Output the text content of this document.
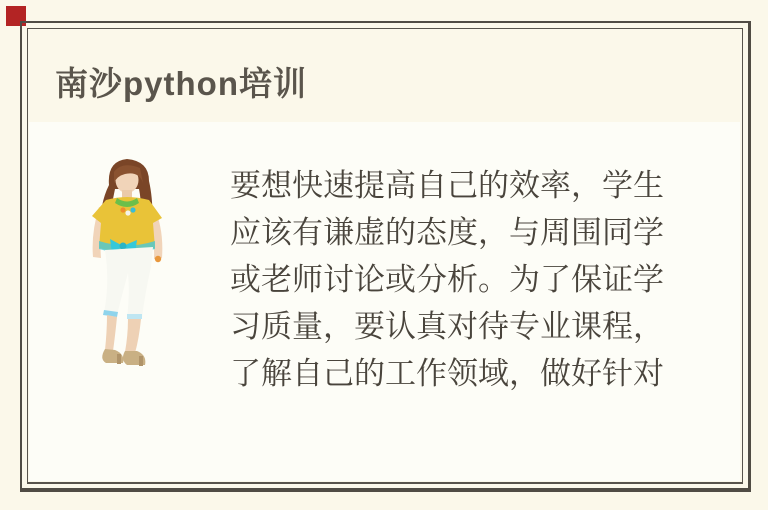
南沙python培训
要想快速提高自己的效率，学生
应该有谦虚的态度，与周围同学
或老师讨论或分析。为了保证学
习质量，要认真对待专业课程，
了解自己的工作领域，做好针对
